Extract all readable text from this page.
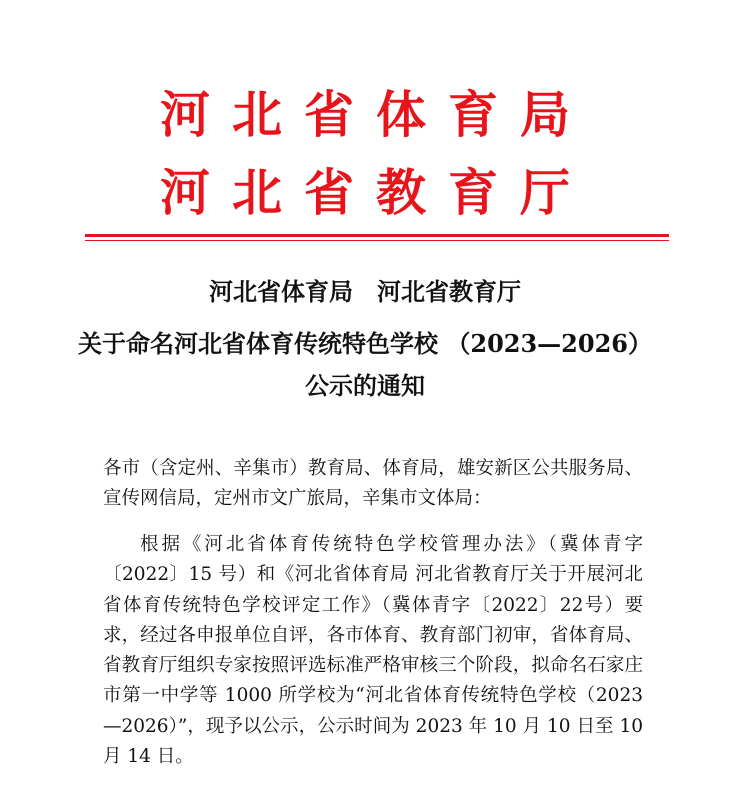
河北省体育局
河北省教育厅
河北省体育局　河北省教育厅
关于命名河北省体育传统特色学校 （2023—2026）
公示的通知

各市（含定州、辛集市）教育局、体育局，雄安新区公共服务局、宣传网信局，定州市文广旅局，辛集市文体局：

根据《河北省体育传统特色学校管理办法》（冀体青字〔2022〕15 号）和《河北省体育局 河北省教育厅关于开展河北省体育传统特色学校评定工作》（冀体青字〔2022〕22号）要求，经过各申报单位自评，各市体育、教育部门初审，省体育局、省教育厅组织专家按照评选标准严格审核三个阶段，拟命名石家庄市第一中学等 1000 所学校为“河北省体育传统特色学校（2023—2026）”，现予以公示，公示时间为 2023 年 10 月 10 日至 10 月 14 日。
